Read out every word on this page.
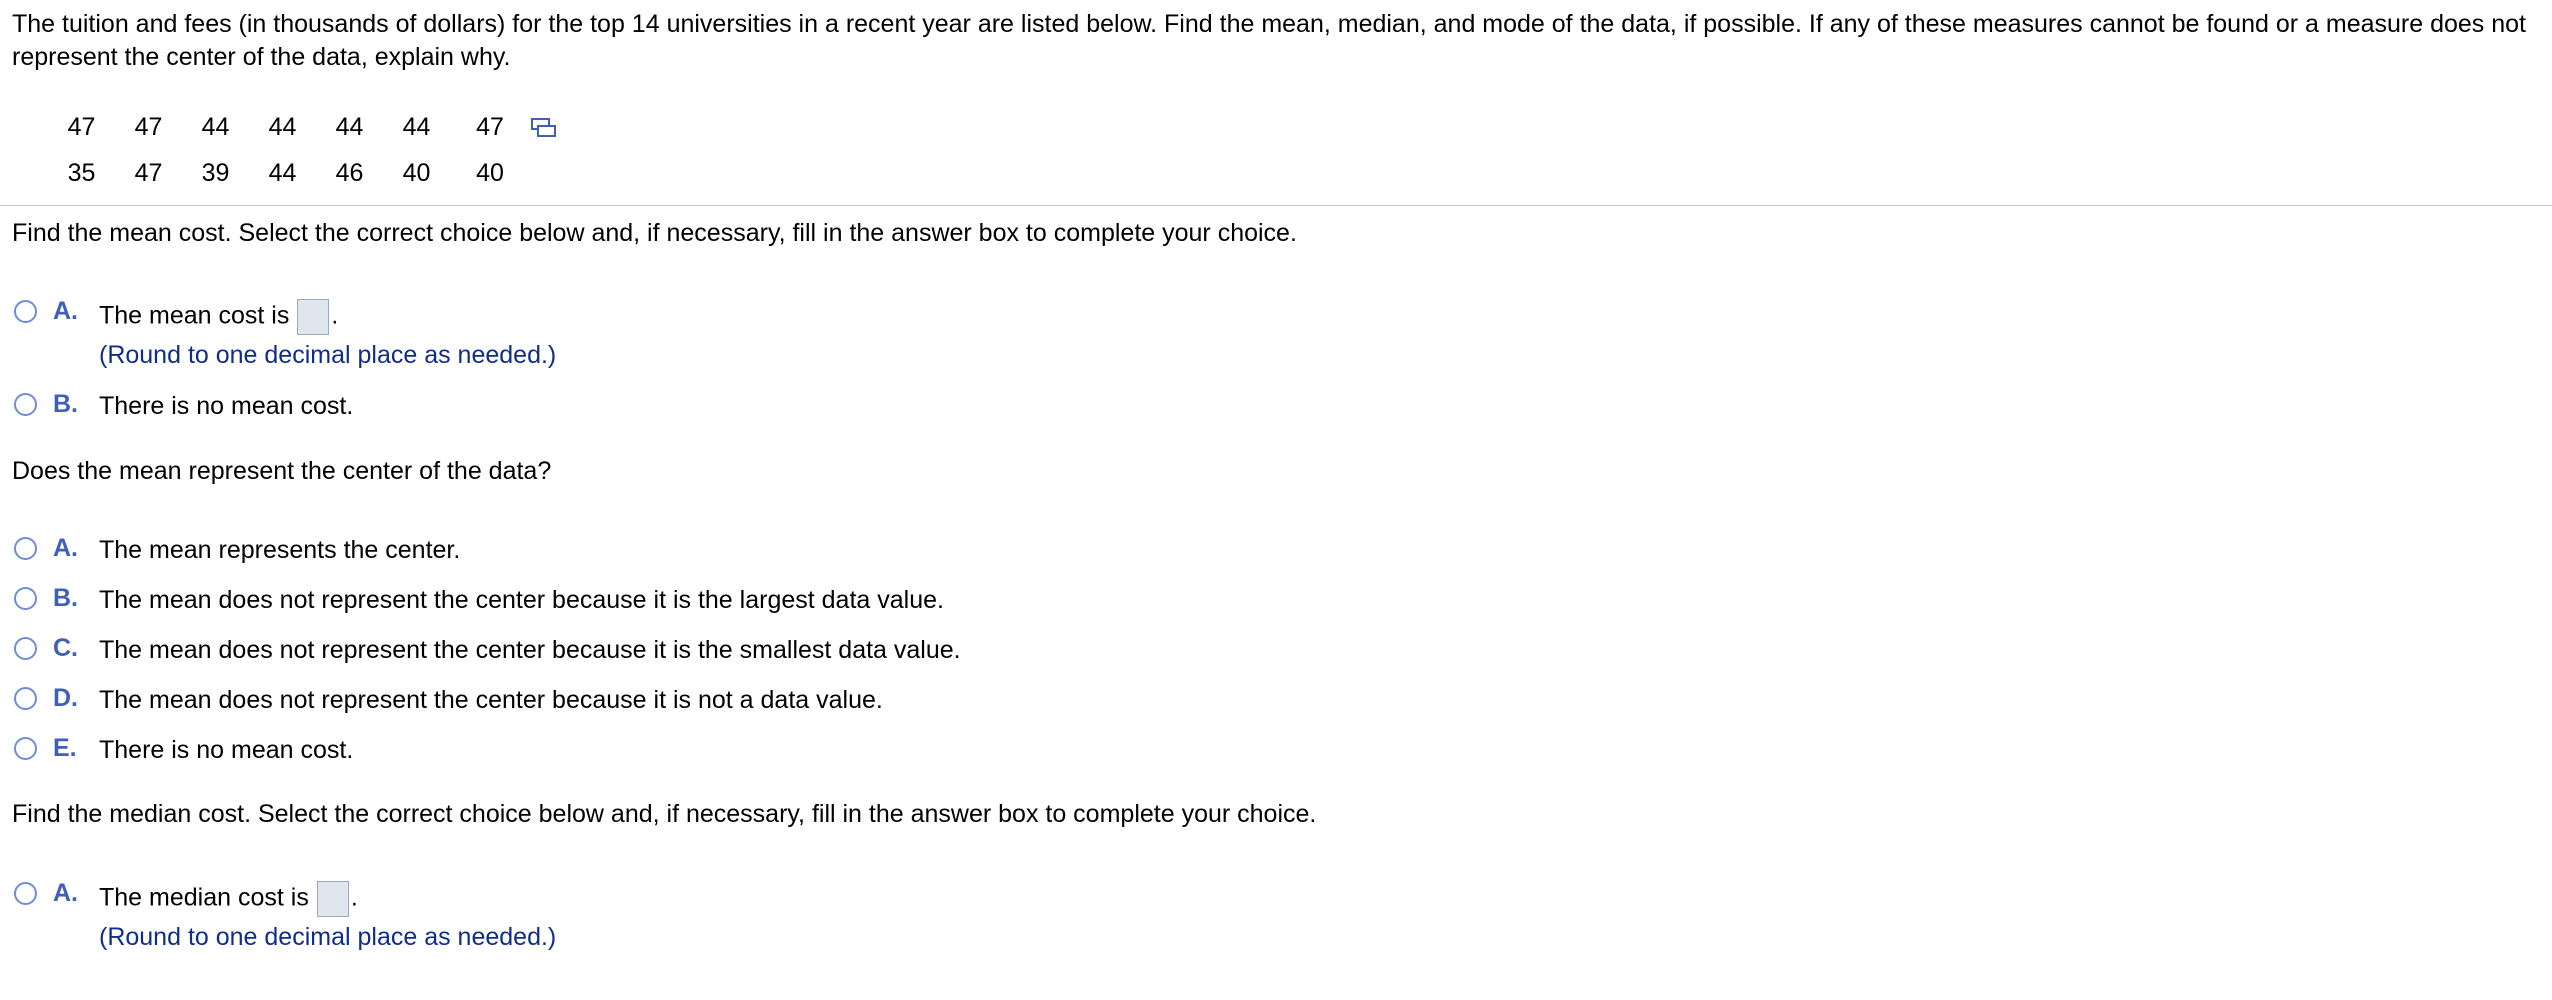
The tuition and fees (in thousands of dollars) for the top 14 universities in a recent year are listed below. Find the mean, median, and mode of the data, if possible. If any of these measures cannot be found or a measure does not represent the center of the data, explain why.

47	47	44	44	44	44	47	
35	47	39	44	46	40	40	

Find the mean cost. Select the correct choice below and, if necessary, fill in the answer box to complete your choice.

A. The mean cost is .
(Round to one decimal place as needed.)
B. There is no mean cost.

Does the mean represent the center of the data?

A. The mean represents the center.
B. The mean does not represent the center because it is the largest data value.
C. The mean does not represent the center because it is the smallest data value.
D. The mean does not represent the center because it is not a data value.
E. There is no mean cost.

Find the median cost. Select the correct choice below and, if necessary, fill in the answer box to complete your choice.

A. The median cost is .
(Round to one decimal place as needed.)
